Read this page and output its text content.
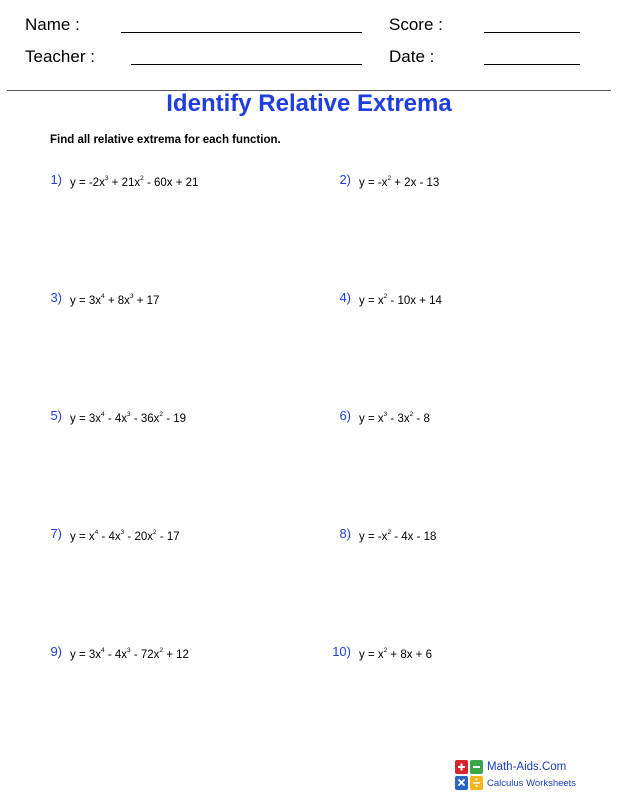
Name :	Score :
Teacher :	Date :
Identify Relative Extrema
Find all relative extrema for each function.
1) $y = -2x^3 + 21x^2 - 60x + 21$	2) $y = -x^2 + 2x - 13$
3) $y = 3x^4 + 8x^3 + 17$	4) $y = x^2 - 10x + 14$
5) $y = 3x^4 - 4x^3 - 36x^2 - 19$	6) $y = x^3 - 3x^2 - 8$
7) $y = x^4 - 4x^3 - 20x^2 - 17$	8) $y = -x^2 - 4x - 18$
9) $y = 3x^4 - 4x^3 - 72x^2 + 12$	10) $y = x^2 + 8x + 6$
Math-Aids.Com
Calculus Worksheets
